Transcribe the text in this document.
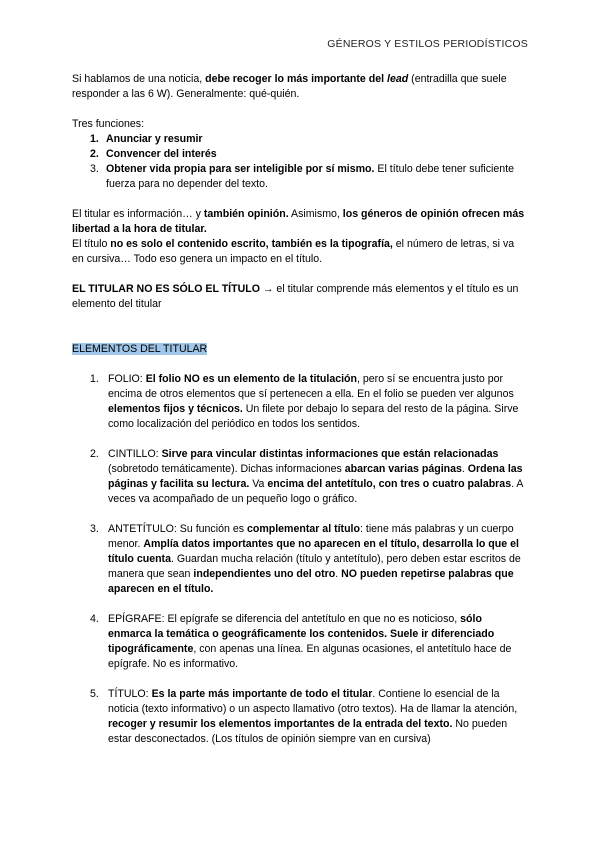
GÉNEROS Y ESTILOS PERIODÍSTICOS

Si hablamos de una noticia, debe recoger lo más importante del lead (entradilla que suele responder a las 6 W). Generalmente: qué-quién.

Tres funciones:

1. Anunciar y resumir
2. Convencer del interés
3. Obtener vida propia para ser inteligible por sí mismo. El título debe tener suficiente fuerza para no depender del texto.

El titular es información… y también opinión. Asimismo, los géneros de opinión ofrecen más libertad a la hora de titular.

El título no es solo el contenido escrito, también es la tipografía, el número de letras, si va en cursiva… Todo eso genera un impacto en el título.

EL TITULAR NO ES SÓLO EL TÍTULO → el titular comprende más elementos y el título es un elemento del titular

ELEMENTOS DEL TITULAR

1. FOLIO: El folio NO es un elemento de la titulación, pero sí se encuentra justo por encima de otros elementos que sí pertenecen a ella. En el folio se pueden ver algunos elementos fijos y técnicos. Un filete por debajo lo separa del resto de la página. Sirve como localización del periódico en todos los sentidos.
2. CINTILLO: Sirve para vincular distintas informaciones que están relacionadas (sobretodo temáticamente). Dichas informaciones abarcan varias páginas. Ordena las páginas y facilita su lectura. Va encima del antetítulo, con tres o cuatro palabras. A veces va acompañado de un pequeño logo o gráfico.
3. ANTETÍTULO: Su función es complementar al título: tiene más palabras y un cuerpo menor. Amplía datos importantes que no aparecen en el título, desarrolla lo que el título cuenta. Guardan mucha relación (título y antetítulo), pero deben estar escritos de manera que sean independientes uno del otro. NO pueden repetirse palabras que aparecen en el título.
4. EPÍGRAFE: El epígrafe se diferencia del antetítulo en que no es noticioso, sólo enmarca la temática o geográficamente los contenidos. Suele ir diferenciado tipográficamente, con apenas una línea. En algunas ocasiones, el antetítulo hace de epígrafe. No es informativo.
5. TÍTULO: Es la parte más importante de todo el titular. Contiene lo esencial de la noticia (texto informativo) o un aspecto llamativo (otro textos). Ha de llamar la atención, recoger y resumir los elementos importantes de la entrada del texto. No pueden estar desconectados. (Los títulos de opinión siempre van en cursiva)
